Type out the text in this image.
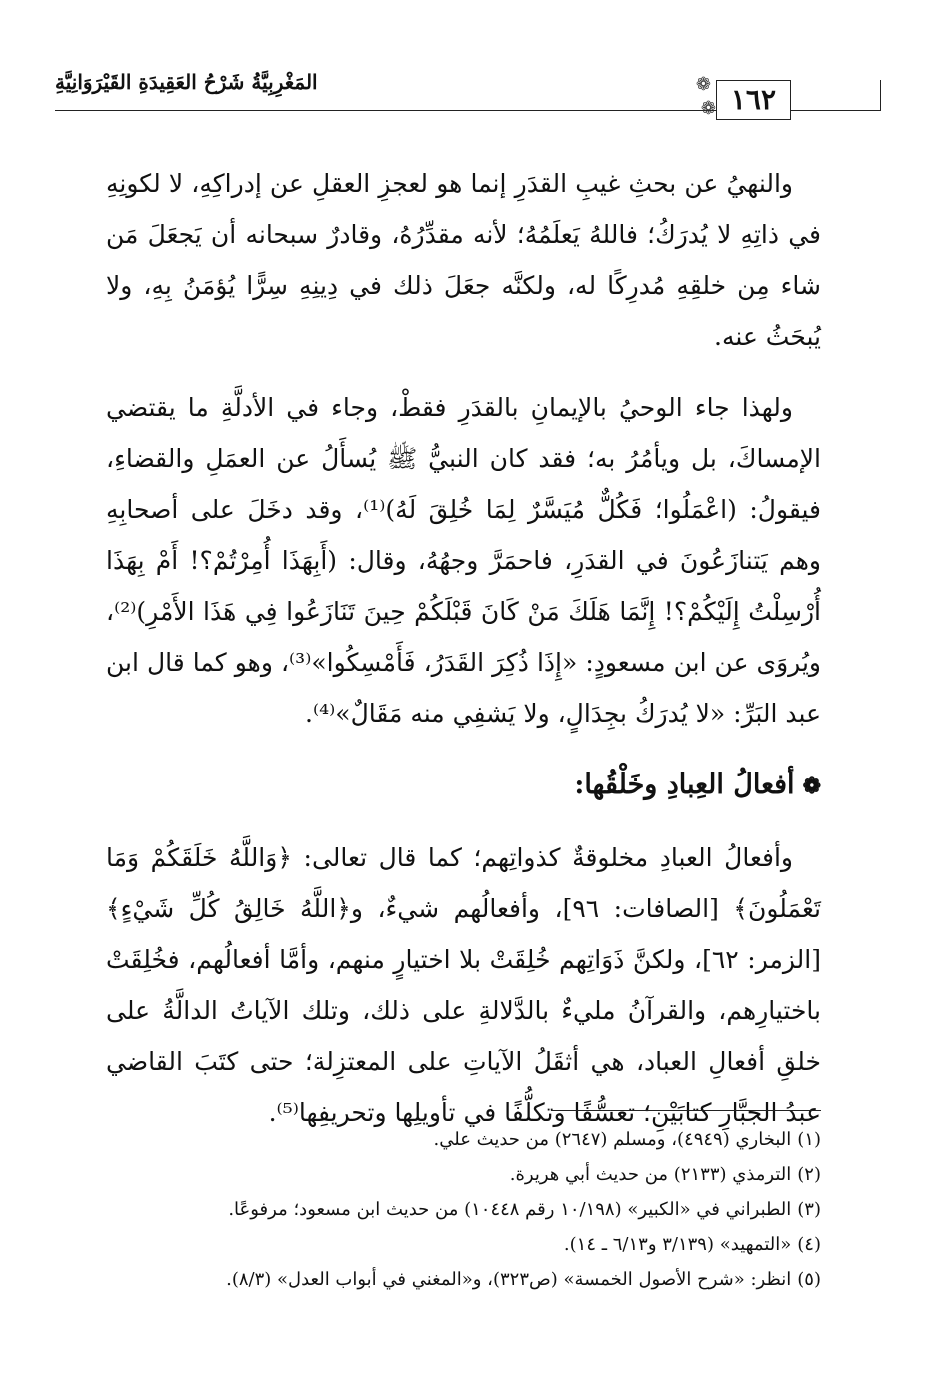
❁
❁ ١٦٢
المَغْرِبِيَّةُ شَرْحُ العَقِيدَةِ القَيْرَوَانِيَّةِ

والنهيُ عن بحثِ غيبِ القدَرِ إنما هو لعجزِ العقلِ عن إدراكِهِ، لا لكونِهِ في ذاتِهِ لا يُدرَكُ؛ فاللهُ يَعلَمُهُ؛ لأنه مقدِّرُهُ، وقادرٌ سبحانه أن يَجعَلَ مَن شاء مِن خلقِهِ مُدرِكًا له، ولكنَّه جعَلَ ذلك في دِينِهِ سِرًّا يُؤمَنُ بِهِ، ولا يُبحَثُ عنه.

ولهذا جاء الوحيُ بالإيمانِ بالقدَرِ فقطْ، وجاء في الأدلَّةِ ما يقتضي الإمساكَ، بل ويأمُرُ به؛ فقد كان النبيُّ ﷺ يُسأَلُ عن العمَلِ والقضاءِ، فيقولُ: (اعْمَلُوا؛ فَكُلٌّ مُيَسَّرٌ لِمَا خُلِقَ لَهُ)⁽¹⁾، وقد دخَلَ على أصحابِهِ وهم يَتنازَعُونَ في القدَرِ، فاحمَرَّ وجهُهُ، وقال: (أَبِهَذَا أُمِرْتُمْ؟! أَمْ بِهَذَا أُرْسِلْتُ إِلَيْكُمْ؟! إِنَّمَا هَلَكَ مَنْ كَانَ قَبْلَكُمْ حِينَ تَنَازَعُوا فِي هَذَا الأَمْرِ)⁽²⁾، ويُروَى عن ابن مسعودٍ: «إِذَا ذُكِرَ القَدَرُ، فَأَمْسِكُوا»⁽³⁾، وهو كما قال ابن عبد البَرِّ: «لا يُدرَكُ بجِدَالٍ، ولا يَشفِي منه مَقَالٌ»⁽⁴⁾.

❁أفعالُ العِبادِ وخَلْقُها:

وأفعالُ العبادِ مخلوقةٌ كذواتِهم؛ كما قال تعالى: ﴿وَاللَّهُ خَلَقَكُمْ وَمَا تَعْمَلُونَ﴾ [الصافات: ٩٦]، وأفعالُهم شيءٌ، و﴿اللَّهُ خَالِقُ كُلِّ شَيْءٍ﴾ [الزمر: ٦٢]، ولكنَّ ذَوَاتِهم خُلِقَتْ بلا اختيارٍ منهم، وأمَّا أفعالُهم، فخُلِقَتْ باختيارِهم، والقرآنُ مليءٌ بالدَّلالةِ على ذلك، وتلك الآياتُ الدالَّةُ على خلقِ أفعالِ العباد، هي أثقَلُ الآياتِ على المعتزِلة؛ حتى كتَبَ القاضي عبدُ الجبَّارِ كتابَيْنِ؛ تعسُّفًا وتكلُّفًا في تأويلِها وتحريفِها⁽⁵⁾.

(١)البخاري (٤٩٤٩)، ومسلم (٢٦٤٧) من حديث علي.
(٢)الترمذي (٢١٣٣) من حديث أبي هريرة.
(٣)الطبراني في «الكبير» (١٠/١٩٨ رقم ١٠٤٤٨) من حديث ابن مسعود؛ مرفوعًا.
(٤)«التمهيد» (٣/١٣٩ و٦/١٣ ـ ١٤).
(٥)انظر: «شرح الأصول الخمسة» (ص٣٢٣)، و«المغني في أبواب العدل» (٨/٣).
